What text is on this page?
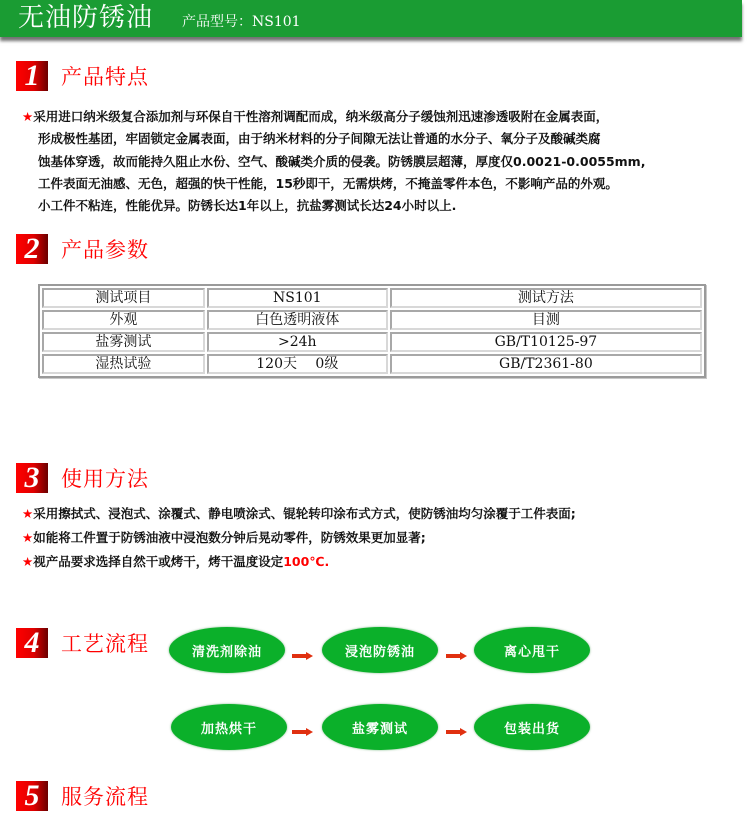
无油防锈油 产品型号：NS101
1	产品特点
★采用进口纳米级复合添加剂与环保自干性溶剂调配而成，纳米级高分子缓蚀剂迅速渗透吸附在金属表面，
形成极性基团，牢固锁定金属表面，由于纳米材料的分子间隙无法让普通的水分子、氧分子及酸碱类腐
蚀基体穿透，故而能持久阻止水份、空气、酸碱类介质的侵袭。防锈膜层超薄，厚度仅0.0021-0.0055mm,
工件表面无油感、无色，超强的快干性能，15秒即干，无需烘烤，不掩盖零件本色，不影响产品的外观。
小工件不粘连，性能优异。防锈长达1年以上，抗盐雾测试长达24小时以上.
2	产品参数
测试项目	NS101	测试方法
外观	白色透明液体	目测
盐雾测试	>24h	GB/T10125-97
湿热试验	120天　 0级	GB/T2361-80
3	使用方法
★采用擦拭式、浸泡式、涂覆式、静电喷涂式、锟轮转印涂布式方式，使防锈油均匀涂覆于工件表面;
★如能将工件置于防锈油液中浸泡数分钟后晃动零件，防锈效果更加显著;
★视产品要求选择自然干或烤干，烤干温度设定100℃.
4	工艺流程	清洗剂除油	浸泡防锈油	离心甩干
加热烘干	盐雾测试	包装出货
5	服务流程
